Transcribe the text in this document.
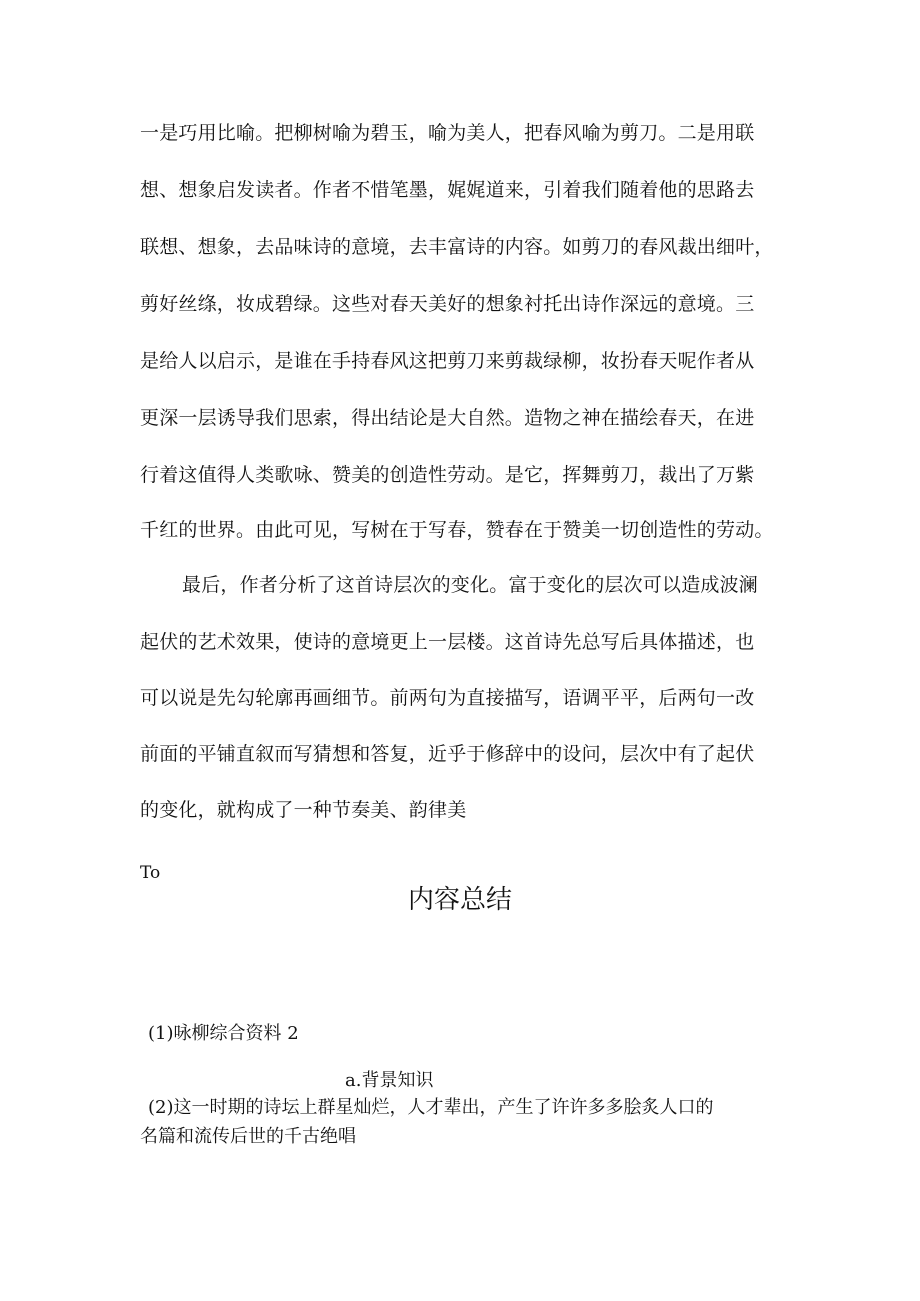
一是巧用比喻。把柳树喻为碧玉，喻为美人，把春风喻为剪刀。二是用联
想、想象启发读者。作者不惜笔墨，娓娓道来，引着我们随着他的思路去
联想、想象，去品味诗的意境，去丰富诗的内容。如剪刀的春风裁出细叶，
剪好丝绦，妆成碧绿。这些对春天美好的想象衬托出诗作深远的意境。三
是给人以启示，是谁在手持春风这把剪刀来剪裁绿柳，妆扮春天呢作者从
更深一层诱导我们思索，得出结论是大自然。造物之神在描绘春天，在进
行着这值得人类歌咏、赞美的创造性劳动。是它，挥舞剪刀，裁出了万紫
千红的世界。由此可见，写树在于写春，赞春在于赞美一切创造性的劳动。
最后，作者分析了这首诗层次的变化。富于变化的层次可以造成波澜
起伏的艺术效果，使诗的意境更上一层楼。这首诗先总写后具体描述，也
可以说是先勾轮廓再画细节。前两句为直接描写，语调平平，后两句一改
前面的平铺直叙而写猜想和答复，近乎于修辞中的设问，层次中有了起伏
的变化，就构成了一种节奏美、韵律美
To
内容总结
(1)咏柳综合资料 2
a.背景知识
(2)这一时期的诗坛上群星灿烂，人才辈出，产生了许许多多脍炙人口的
名篇和流传后世的千古绝唱
